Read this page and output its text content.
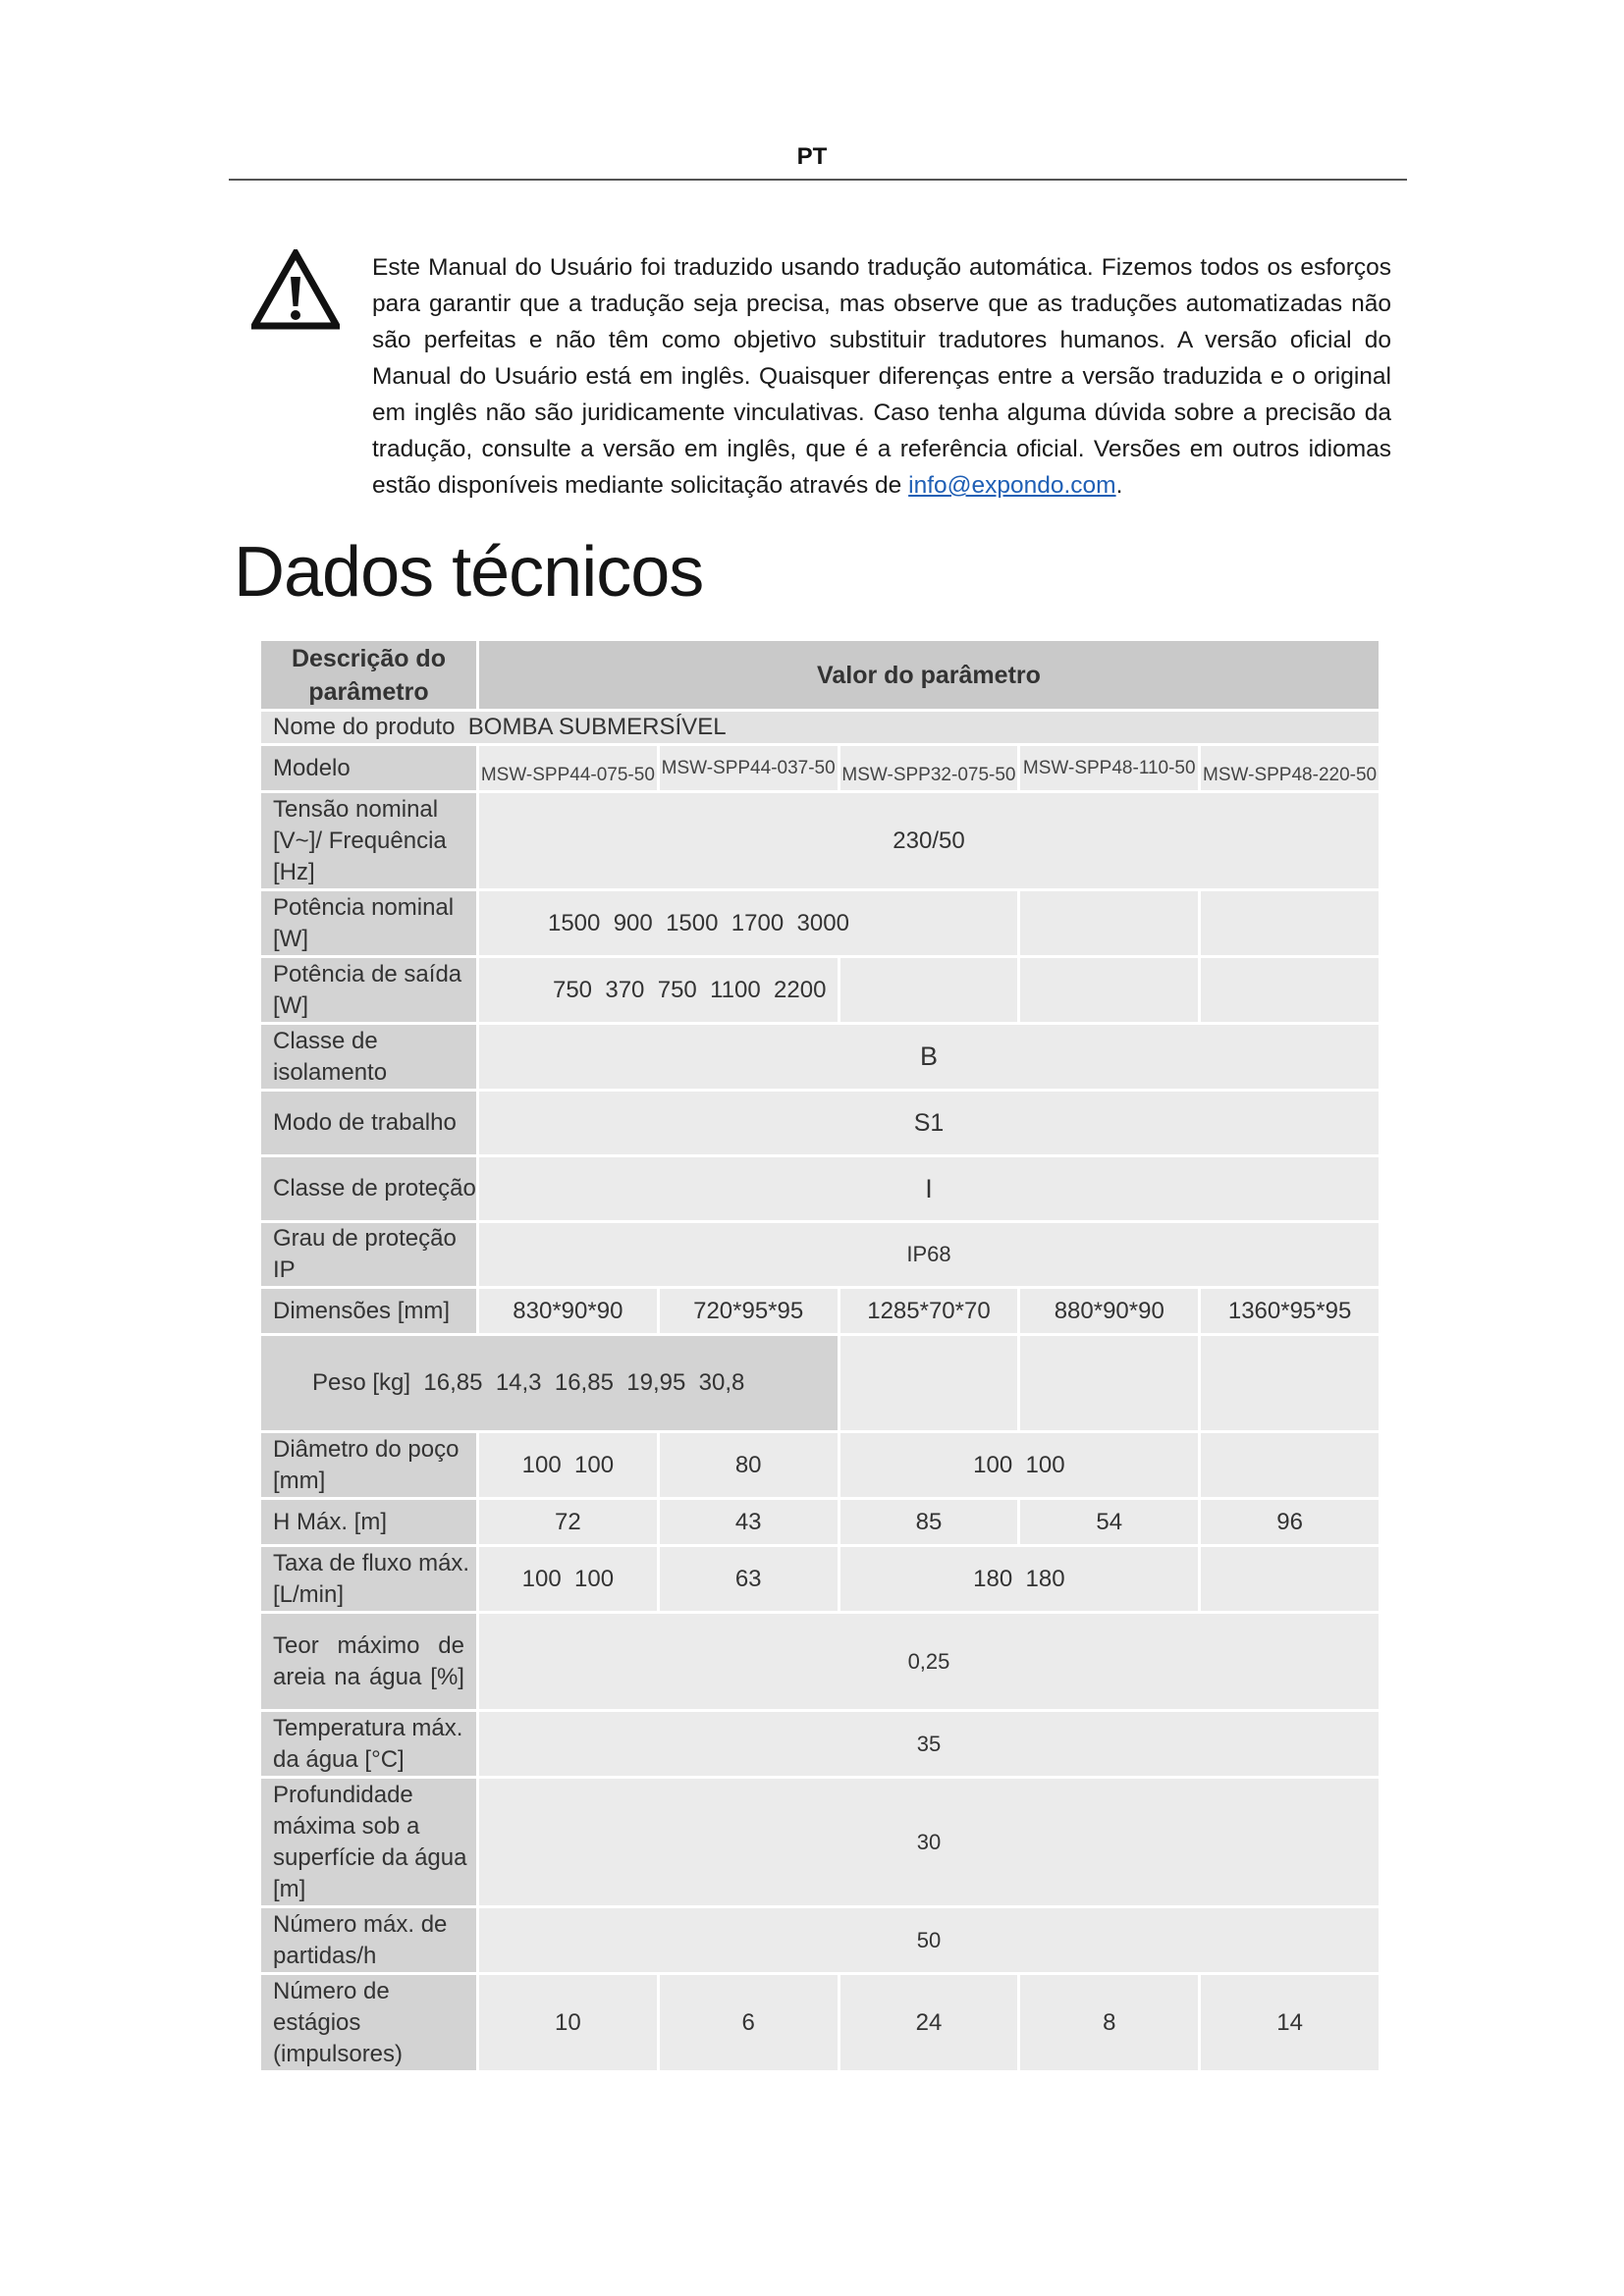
PT
Este Manual do Usuário foi traduzido usando tradução automática. Fizemos todos os esforços para garantir que a tradução seja precisa, mas observe que as traduções automatizadas não são perfeitas e não têm como objetivo substituir tradutores humanos. A versão oficial do Manual do Usuário está em inglês. Quaisquer diferenças entre a versão traduzida e o original em inglês não são juridicamente vinculativas. Caso tenha alguma dúvida sobre a precisão da tradução, consulte a versão em inglês, que é a referência oficial. Versões em outros idiomas estão disponíveis mediante solicitação através de info@expondo.com.
Dados técnicos
Descrição do parâmetro	Valor do parâmetro				
Nome do produto BOMBA SUBMERSÍVEL					
Modelo	MSW-SPP44-075-50	MSW-SPP44-037-50	MSW-SPP32-075-50	MSW-SPP48-110-50	MSW-SPP48-220-50
Tensão nominal [V~]/ Frequência [Hz]	230/50				
Potência nominal [W]	1500  900  1500  1700  3000				
Potência de saída [W]	750  370  750  1100  2200				
Classe de isolamento	B				
Modo de trabalho	S1				
Classe de proteção	I				
Grau de proteção IP	IP68				
Dimensões [mm]	830*90*90	720*95*95	1285*70*70	880*90*90	1360*95*95

Peso [kg] 16,85  14,3  16,85  19,95  30,8		

Diâmetro do poço [mm]	100  100	80	100  100		
H Máx. [m]	72	43	85	54	96
Taxa de fluxo máx. [L/min]	100  100	63	180  180		

Teor máximo de areia na água [%]	0,25				
Temperatura máx. da água [°C]	35				
Profundidade máxima sob a superfície da água [m]	30				
Número máx. de partidas/h	50				
Número de estágios (impulsores)	10	6	24	8	14
